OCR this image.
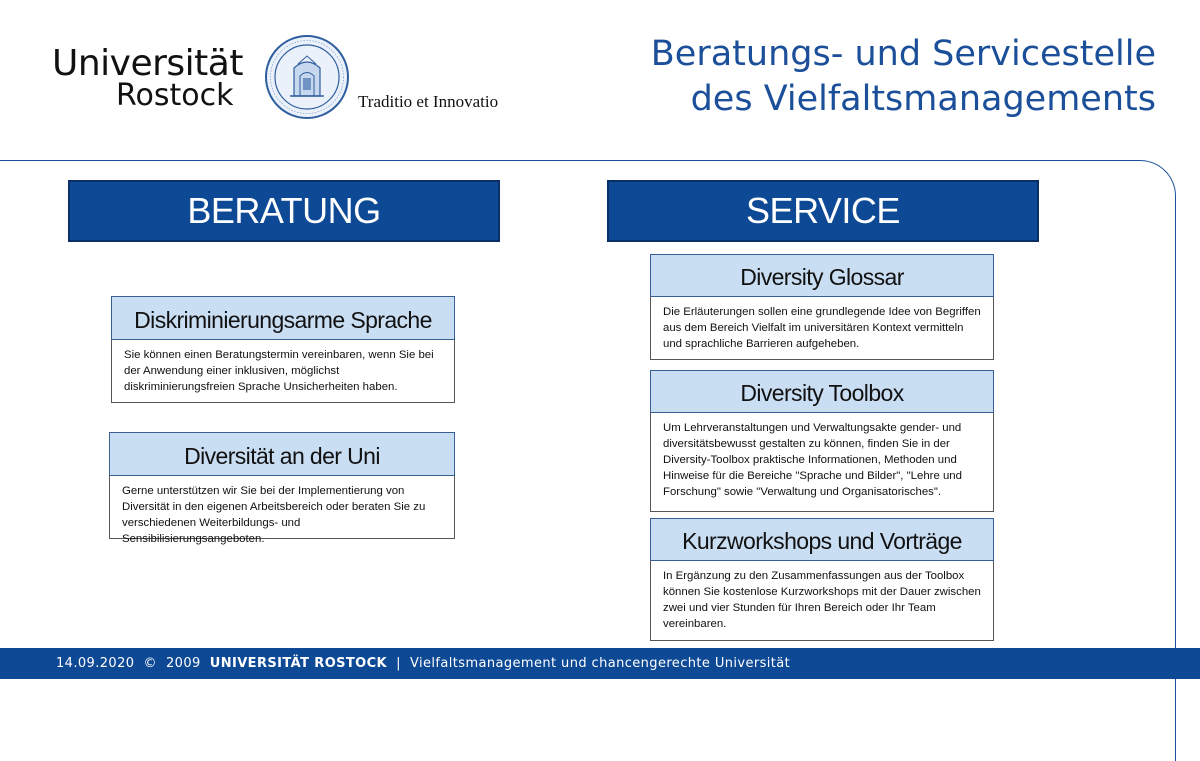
Universität
Rostock	Traditio et Innovatio
Beratungs- und Servicestelle
des Vielfaltsmanagements
BERATUNG
Diskriminierungsarme Sprache
Sie können einen Beratungstermin vereinbaren, wenn Sie bei der Anwendung einer inklusiven, möglichst diskriminierungsfreien Sprache Unsicherheiten haben.
Diversität an der Uni
Gerne unterstützen wir Sie bei der Implementierung von Diversität in den eigenen Arbeitsbereich oder beraten Sie zu verschiedenen Weiterbildungs- und Sensibilisierungsangeboten.
SERVICE
Diversity Glossar
Die Erläuterungen sollen eine grundlegende Idee von Begriffen aus dem Bereich Vielfalt im universitären Kontext vermitteln und sprachliche Barrieren aufgeheben.
Diversity Toolbox
Um Lehrveranstaltungen und Verwaltungsakte gender- und diversitätsbewusst gestalten zu können, finden Sie in der Diversity-Toolbox praktische Informationen, Methoden und Hinweise für die Bereiche "Sprache und Bilder", "Lehre und Forschung" sowie "Verwaltung und Organisatorisches".
Kurzworkshops und Vorträge
In Ergänzung zu den Zusammenfassungen aus der Toolbox können Sie kostenlose Kurzworkshops mit der Dauer zwischen zwei und vier Stunden für Ihren Bereich oder Ihr Team vereinbaren.
14.09.2020 ©  2009 UNIVERSITÄT ROSTOCK | Vielfaltsmanagement und chancengerechte Universität
